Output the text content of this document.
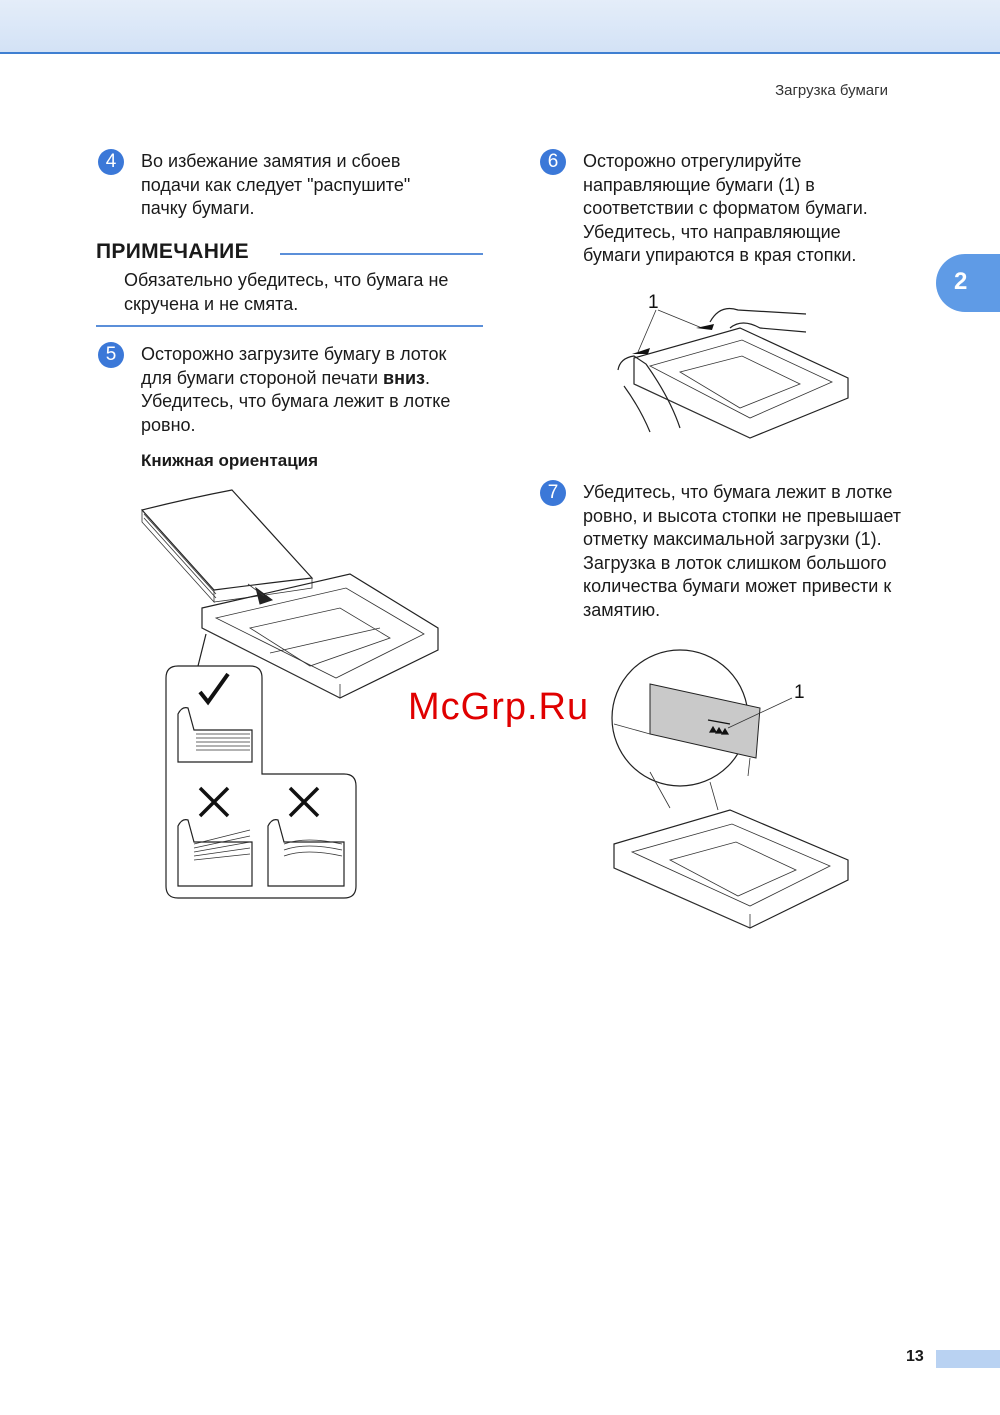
Загрузка бумаги
2
4	Во избежание замятия и сбоев

подачи как следует "распушите"

пачку бумаги.

ПРИМЕЧАНИЕ

Обязательно убедитесь, что бумага не

скручена и не смята.

5	Осторожно загрузите бумагу в лоток

для бумаги стороной печати вниз.

Убедитесь, что бумага лежит в лотке

ровно.

Книжная ориентация
6	Осторожно отрегулируйте

направляющие бумаги (1) в

соответствии с форматом бумаги.

Убедитесь, что направляющие

бумаги упираются в края стопки.

7	Убедитесь, что бумага лежит в лотке

ровно, и высота стопки не превышает

отметку максимальной загрузки (1).

Загрузка в лоток слишком большого

количества бумаги может привести к

замятию.

1
1
McGrp.Ru
13
